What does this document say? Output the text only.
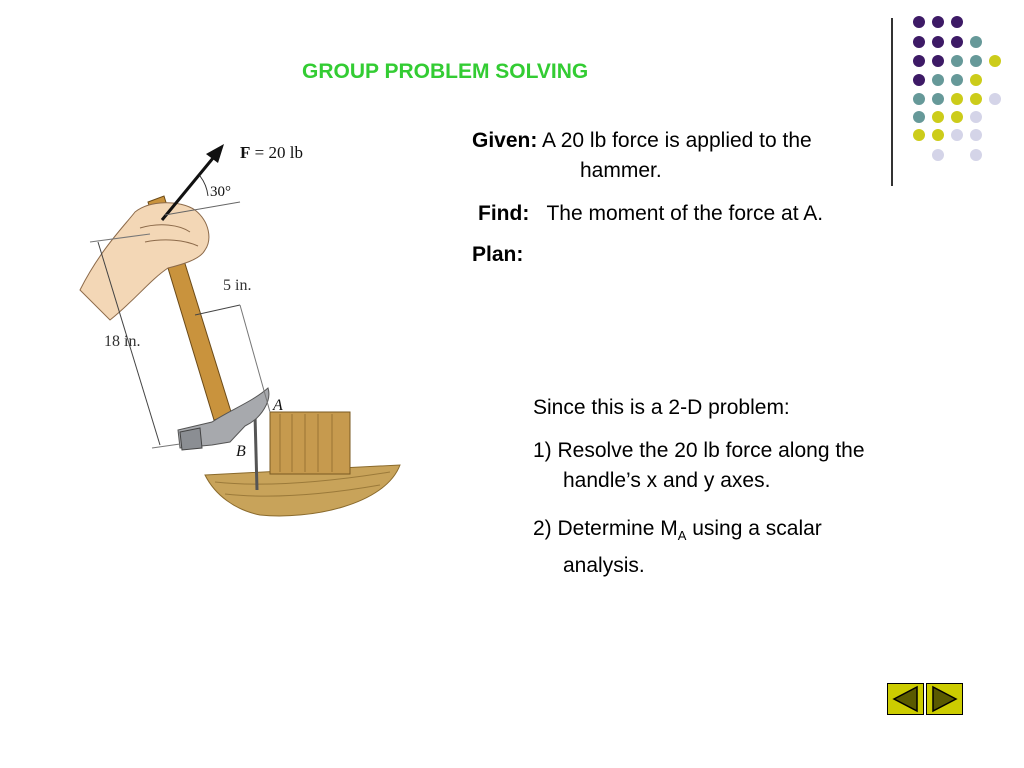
GROUP PROBLEM SOLVING
F = 20 lb
30°
5 in.
18 in.
A
B
Given: A 20 lb force is applied to the
hammer.
Find: The moment of the force at A.
Plan:
Since this is a 2-D problem:
1) Resolve the 20 lb force along the
handle’s x and y axes.
2) Determine $M_A$ using a scalar
analysis.
